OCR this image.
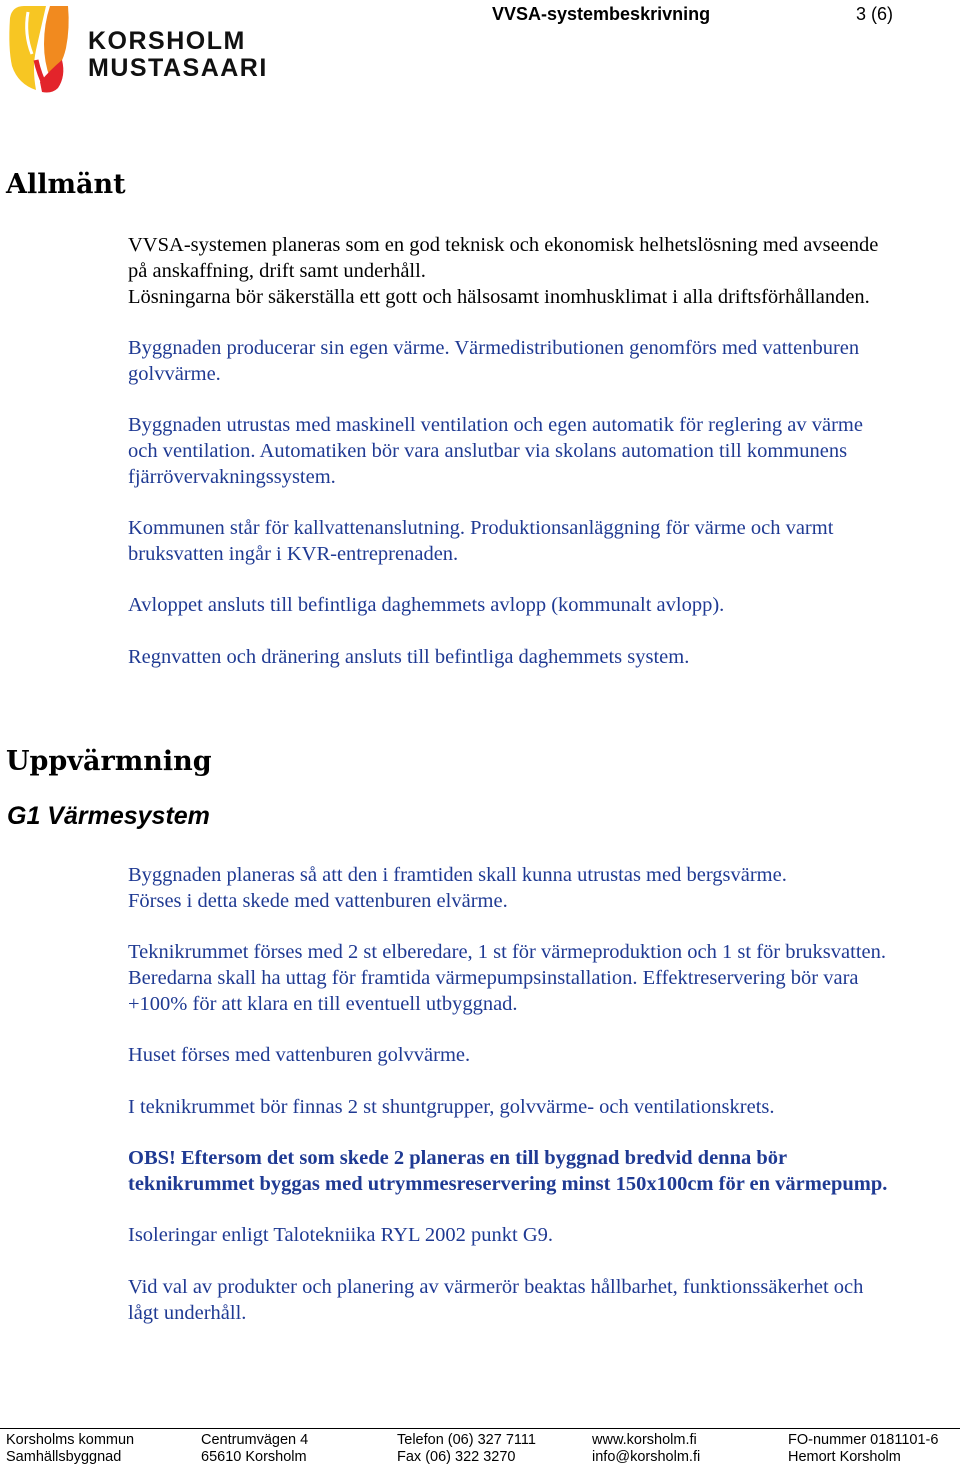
KORSHOLM
MUSTASAARI
VVSA-systembeskrivning	3 (6)
Allmänt
VVSA-systemen planeras som en god teknisk och ekonomisk helhetslösning med avseende
på anskaffning, drift samt underhåll.
Lösningarna bör säkerställa ett gott och hälsosamt inomhusklimat i alla driftsförhållanden.
Byggnaden producerar sin egen värme. Värmedistributionen genomförs med vattenburen
golvvärme.
Byggnaden utrustas med maskinell ventilation och egen automatik för reglering av värme
och ventilation. Automatiken bör vara anslutbar via skolans automation till kommunens
fjärrövervakningssystem.
Kommunen står för kallvattenanslutning. Produktionsanläggning för värme och varmt
bruksvatten ingår i KVR-entreprenaden.
Avloppet ansluts till befintliga daghemmets avlopp (kommunalt avlopp).
Regnvatten och dränering ansluts till befintliga daghemmets system.
Uppvärmning
G1 Värmesystem
Byggnaden planeras så att den i framtiden skall kunna utrustas med bergsvärme.
Förses i detta skede med vattenburen elvärme.
Teknikrummet förses med 2 st elberedare, 1 st för värmeproduktion och 1 st för bruksvatten.
Beredarna skall ha uttag för framtida värmepumpsinstallation. Effektreservering bör vara
+100% för att klara en till eventuell utbyggnad.
Huset förses med vattenburen golvvärme.
I teknikrummet bör finnas 2 st shuntgrupper, golvvärme- och ventilationskrets.
OBS! Eftersom det som skede 2 planeras en till byggnad bredvid denna bör
teknikrummet byggas med utrymmesreservering minst 150x100cm för en värmepump.
Isoleringar enligt Talotekniika RYL 2002 punkt G9.
Vid val av produkter och planering av värmerör beaktas hållbarhet, funktionssäkerhet och
lågt underhåll.
Korsholms kommun
Samhällsbyggnad
Centrumvägen 4
65610 Korsholm
Telefon (06) 327 7111
Fax (06) 322 3270
www.korsholm.fi
info@korsholm.fi
FO-nummer 0181101-6
Hemort Korsholm
